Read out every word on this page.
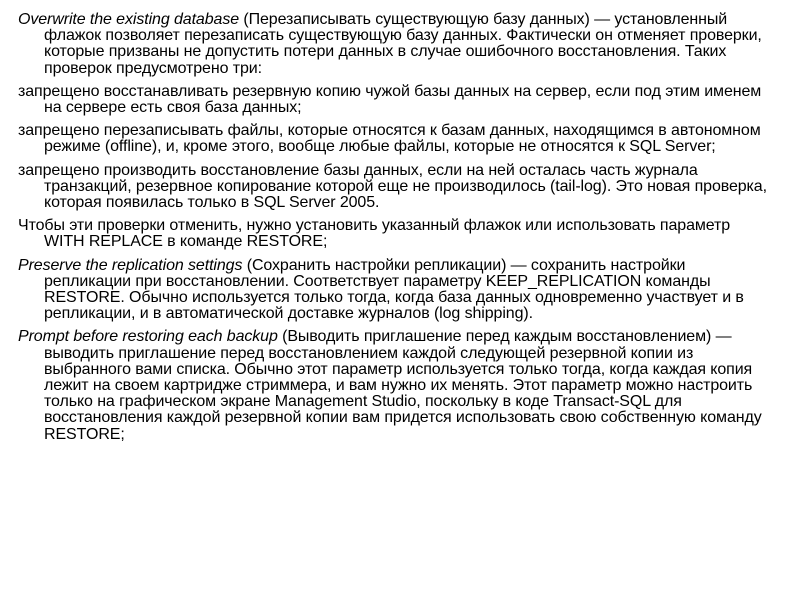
Overwrite the existing database (Перезаписывать существующую базу данных) — установленный флажок позволяет перезаписать существующую базу данных. Фактически он отменяет проверки, которые призваны не допустить потери данных в случае ошибочного восстановления. Таких проверок предусмотрено три:

запрещено восстанавливать резервную копию чужой базы данных на сервер, если под этим именем на сервере есть своя база данных;

запрещено перезаписывать файлы, которые относятся к базам данных, находящимся в автономном режиме (offline), и, кроме этого, вообще любые файлы, которые не относятся к SQL Server;

запрещено производить восстановление базы данных, если на ней осталась часть журнала транзакций, резервное копирование которой еще не производилось (tail-log). Это новая проверка, которая появилась только в SQL Server 2005.

Чтобы эти проверки отменить, нужно установить указанный флажок или использовать параметр WITH REPLACE в команде RESTORE;

Preserve the replication settings (Сохранить настройки репликации) — сохранить настройки репликации при восстановлении. Соответствует параметру KEEP_REPLICATION команды RESTORE. Обычно используется только тогда, когда база данных одновременно участвует и в репликации, и в автоматической доставке журналов (log shipping).

Prompt before restoring each backup (Выводить приглашение перед каждым восстановлением) — выводить приглашение перед восстановлением каждой следующей резервной копии из выбранного вами списка. Обычно этот параметр используется только тогда, когда каждая копия лежит на своем картридже стриммера, и вам нужно их менять. Этот параметр можно настроить только на графическом экране Management Studio, поскольку в коде Transact-SQL для восстановления каждой резервной копии вам придется использовать свою собственную команду RESTORE;
